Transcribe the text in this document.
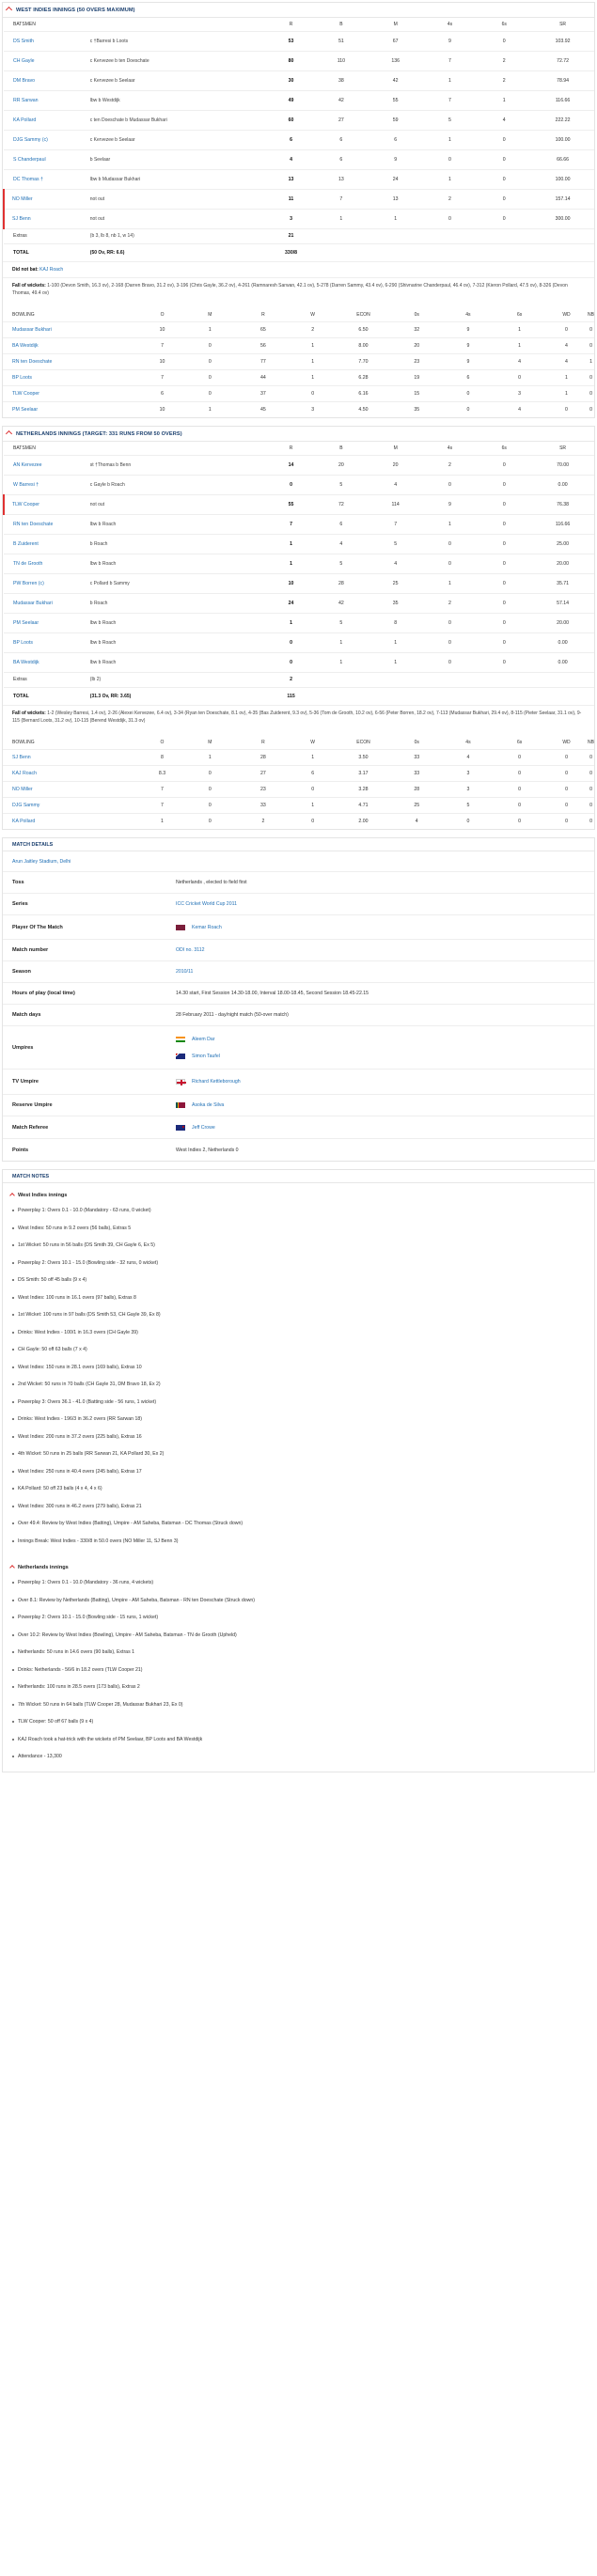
WEST INDIES INNINGS (50 OVERS MAXIMUM)
BATSMEN		R	B	M	4s	6s	SR
DS Smith	c †Barresi b Loots	53	51	67	9	0	103.92
CH Gayle	c Kervezee b ten Doeschate	80	110	136	7	2	72.72
DM Bravo	c Kervezee b Seelaar	30	38	42	1	2	78.94
RR Sarwan	lbw b Westdijk	49	42	55	7	1	116.66
KA Pollard	c ten Doeschate b Mudassar Bukhari	60	27	59	5	4	222.22
DJG Sammy (c)	c Kervezee b Seelaar	6	6	6	1	0	100.00
S Chanderpaul	b Seelaar	4	6	9	0	0	66.66
DC Thomas †	lbw b Mudassar Bukhari	13	13	24	1	0	100.00
NO Miller	not out	11	7	13	2	0	157.14
SJ Benn	not out	3	1	1	0	0	300.00
Extras	(b 3, lb 8, nb 1, w 14)	21					
TOTAL	(50 Ov, RR: 6.6)	330/8					
Did not bat: KAJ Roach
Fall of wickets: 1-100 (Devon Smith, 16.3 ov), 2-168 (Darren Bravo, 31.2 ov), 3-196 (Chris Gayle, 36.2 ov), 4-261 (Ramnaresh Sarwan, 42.1 ov), 5-278 (Darren Sammy, 43.4 ov), 6-290 (Shivnarine Chanderpaul, 46.4 ov), 7-312 (Kieron Pollard, 47.5 ov), 8-326 (Devon Thomas, 49.4 ov)
BOWLING	O	M	R	W	ECON	0s	4s	6s	WD	NB
Mudassar Bukhari	10	1	65	2	6.50	32	9	1	0	0
BA Westdijk	7	0	56	1	8.00	20	9	1	4	0
RN ten Doeschate	10	0	77	1	7.70	23	9	4	4	1
BP Loots	7	0	44	1	6.28	19	6	0	1	0
TLW Cooper	6	0	37	0	6.16	15	0	3	1	0
PM Seelaar	10	1	45	3	4.50	35	0	4	0	0
NETHERLANDS INNINGS (TARGET: 331 RUNS FROM 50 OVERS)
BATSMEN		R	B	M	4s	6s	SR
AN Kervezee	st †Thomas b Benn	14	20	20	2	0	70.00
W Barresi †	c Gayle b Roach	0	5	4	0	0	0.00
TLW Cooper	not out	55	72	114	9	0	76.38
RN ten Doeschate	lbw b Roach	7	6	7	1	0	116.66
B Zuiderent	b Roach	1	4	5	0	0	25.00
TN de Grooth	lbw b Roach	1	5	4	0	0	20.00
PW Borren (c)	c Pollard b Sammy	10	28	25	1	0	35.71
Mudassar Bukhari	b Roach	24	42	35	2	0	57.14
PM Seelaar	lbw b Roach	1	5	8	0	0	20.00
BP Loots	lbw b Roach	0	1	1	0	0	0.00
BA Westdijk	lbw b Roach	0	1	1	0	0	0.00
Extras	(lb 2)	2					
TOTAL	(31.3 Ov, RR: 3.65)	115					
Fall of wickets: 1-2 (Wesley Barresi, 1.4 ov), 2-26 (Alexei Kervezee, 6.4 ov), 3-34 (Ryan ten Doeschate, 8.1 ov), 4-35 (Bas Zuiderent, 9.3 ov), 5-36 (Tom de Grooth, 10.2 ov), 6-56 (Peter Borren, 18.2 ov), 7-113 (Mudassar Bukhari, 29.4 ov), 8-115 (Pieter Seelaar, 31.1 ov), 9-115 (Bernard Loots, 31.2 ov), 10-115 (Berend Westdijk, 31.3 ov)
BOWLING	O	M	R	W	ECON	0s	4s	6s	WD	NB
SJ Benn	8	1	28	1	3.50	33	4	0	0	0
KAJ Roach	8.3	0	27	6	3.17	33	3	0	0	0
NO Miller	7	0	23	0	3.28	28	3	0	0	0
DJG Sammy	7	0	33	1	4.71	25	5	0	0	0
KA Pollard	1	0	2	0	2.00	4	0	0	0	0
MATCH DETAILS
Arun Jaitley Stadium, Delhi
Toss	Netherlands , elected to field first
Series	ICC Cricket World Cup 2011
Player Of The Match	Kemar Roach
Match number	ODI no. 3112
Season	2010/11
Hours of play (local time)	14.30 start, First Session 14.30-18.00, Interval 18.00-18.45, Second Session 18.45-22.15
Match days	28 February 2011 - day/night match (50-over match)
Umpires
Aleem Dar
Simon Taufel
TV Umpire	Richard Kettleborough
Reserve Umpire	Asoka de Silva
Match Referee	Jeff Crowe
Points	West Indies 2, Netherlands 0
MATCH NOTES
West Indies innings
Powerplay 1: Overs 0.1 - 10.0 (Mandatory - 63 runs, 0 wicket)
West Indies: 50 runs in 9.2 overs (56 balls), Extras 5
1st Wicket: 50 runs in 56 balls (DS Smith 39, CH Gayle 6, Ex 5)
Powerplay 2: Overs 10.1 - 15.0 (Bowling side - 32 runs, 0 wicket)
DS Smith: 50 off 45 balls (9 x 4)
West Indies: 100 runs in 16.1 overs (97 balls), Extras 8
1st Wicket: 100 runs in 97 balls (DS Smith 53, CH Gayle 39, Ex 8)
Drinks: West Indies - 100/1 in 16.3 overs (CH Gayle 39)
CH Gayle: 50 off 63 balls (7 x 4)
West Indies: 150 runs in 28.1 overs (169 balls), Extras 10
2nd Wicket: 50 runs in 70 balls (CH Gayle 31, DM Bravo 18, Ex 2)
Powerplay 3: Overs 36.1 - 41.0 (Batting side - 56 runs, 1 wicket)
Drinks: West Indies - 196/3 in 36.2 overs (RR Sarwan 18)
West Indies: 200 runs in 37.2 overs (225 balls), Extras 16
4th Wicket: 50 runs in 25 balls (RR Sarwan 21, KA Pollard 30, Ex 2)
West Indies: 250 runs in 40.4 overs (245 balls), Extras 17
KA Pollard: 50 off 23 balls (4 x 4, 4 x 6)
West Indies: 300 runs in 46.2 overs (279 balls), Extras 21
Over 49.4: Review by West Indies (Batting), Umpire - AM Saheba, Batsman - DC Thomas (Struck down)
Innings Break: West Indies - 330/8 in 50.0 overs (NO Miller 11, SJ Benn 3)
Netherlands innings
Powerplay 1: Overs 0.1 - 10.0 (Mandatory - 36 runs, 4 wickets)
Over 8.1: Review by Netherlands (Batting), Umpire - AM Saheba, Batsman - RN ten Doeschate (Struck down)
Powerplay 2: Overs 10.1 - 15.0 (Bowling side - 15 runs, 1 wicket)
Over 10.2: Review by West Indies (Bowling), Umpire - AM Saheba, Batsman - TN de Grooth (Upheld)
Netherlands: 50 runs in 14.6 overs (90 balls), Extras 1
Drinks: Netherlands - 56/6 in 18.2 overs (TLW Cooper 21)
Netherlands: 100 runs in 28.5 overs (173 balls), Extras 2
7th Wicket: 50 runs in 64 balls (TLW Cooper 28, Mudassar Bukhari 23, Ex 0)
TLW Cooper: 50 off 67 balls (9 x 4)
KAJ Roach took a hat-trick with the wickets of PM Seelaar, BP Loots and BA Westdijk
Attendance - 13,300
